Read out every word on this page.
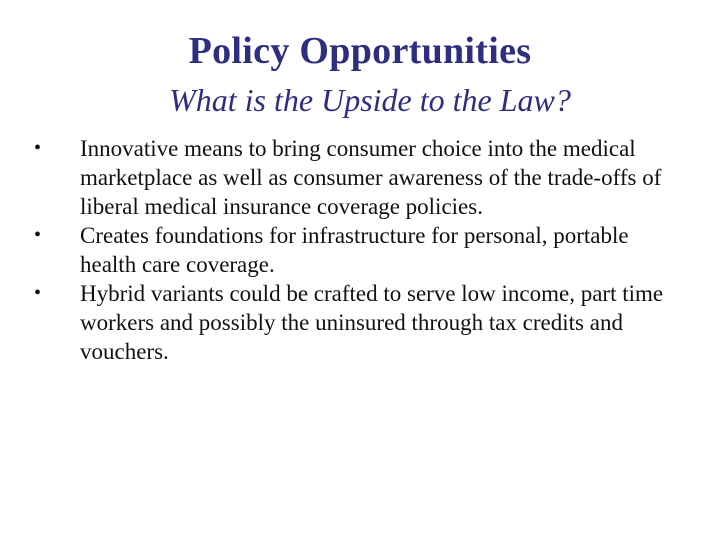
Policy Opportunities
What is the Upside to the Law?
•	Innovative means to bring consumer choice into the medical marketplace as well as consumer awareness of the trade-offs of liberal medical insurance coverage policies.
•	Creates foundations for infrastructure for personal, portable health care coverage.
•	Hybrid variants could be crafted to serve low income, part time workers and possibly the uninsured through tax credits and vouchers.
